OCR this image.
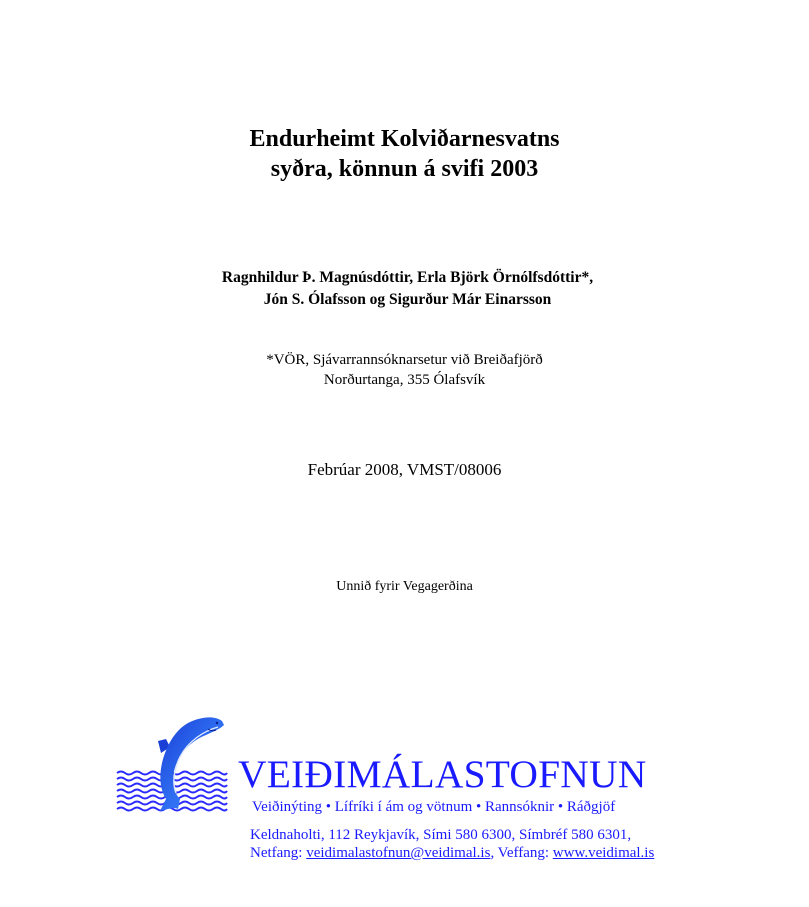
Endurheimt Kolviðarnesvatns
syðra, könnun á svifi 2003
Ragnhildur Þ. Magnúsdóttir, Erla Björk Örnólfsdóttir*,
Jón S. Ólafsson og Sigurður Már Einarsson
*VÖR, Sjávarrannsóknarsetur við Breiðafjörð
Norðurtanga, 355 Ólafsvík
Febrúar 2008, VMST/08006
Unnið fyrir Vegagerðina
VEIÐIMÁLASTOFNUN
Veiðinýting • Lífríki í ám og vötnum • Rannsóknir • Ráðgjöf
Keldnaholti, 112 Reykjavík, Sími 580 6300, Símbréf 580 6301,
Netfang: veidimalastofnun@veidimal.is, Veffang: www.veidimal.is
